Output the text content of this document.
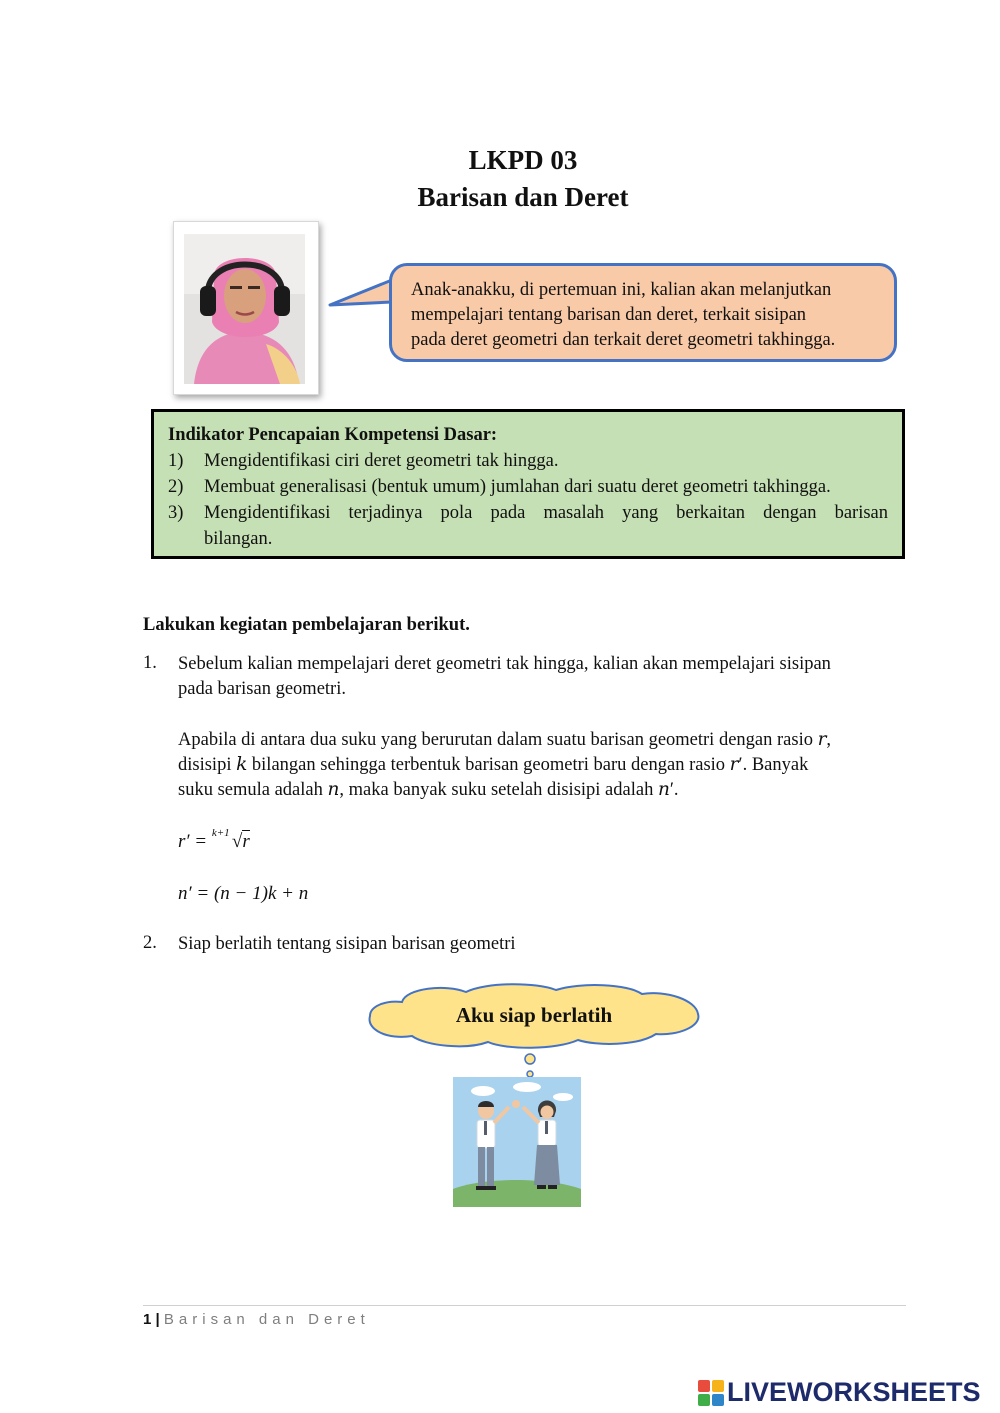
LKPD 03
Barisan dan Deret
Anak-anakku, di pertemuan ini, kalian akan melanjutkan
mempelajari tentang barisan dan deret, terkait sisipan
pada deret geometri dan terkait deret geometri takhingga.
Indikator Pencapaian Kompetensi Dasar:
1)	Mengidentifikasi ciri deret geometri tak hingga.
2)	Membuat generalisasi (bentuk umum) jumlahan dari suatu deret geometri takhingga.
3)	Mengidentifikasi terjadinya pola pada masalah yang berkaitan dengan barisan
bilangan.
Lakukan kegiatan pembelajaran berikut.
1. Sebelum kalian mempelajari deret geometri tak hingga, kalian akan mempelajari sisipan
pada barisan geometri.
Apabila di antara dua suku yang berurutan dalam suatu barisan geometri dengan rasio 𝑟,
disisipi 𝑘 bilangan sehingga terbentuk barisan geometri baru dengan rasio 𝑟′. Banyak
suku semula adalah 𝑛, maka banyak suku setelah disisipi adalah 𝑛′.
r′ = k+1 √r
n′ = (n − 1)k + n
2. Siap berlatih tentang sisipan barisan geometri
Aku siap berlatih
1 | Barisan dan Deret
LIVEWORKSHEETS
